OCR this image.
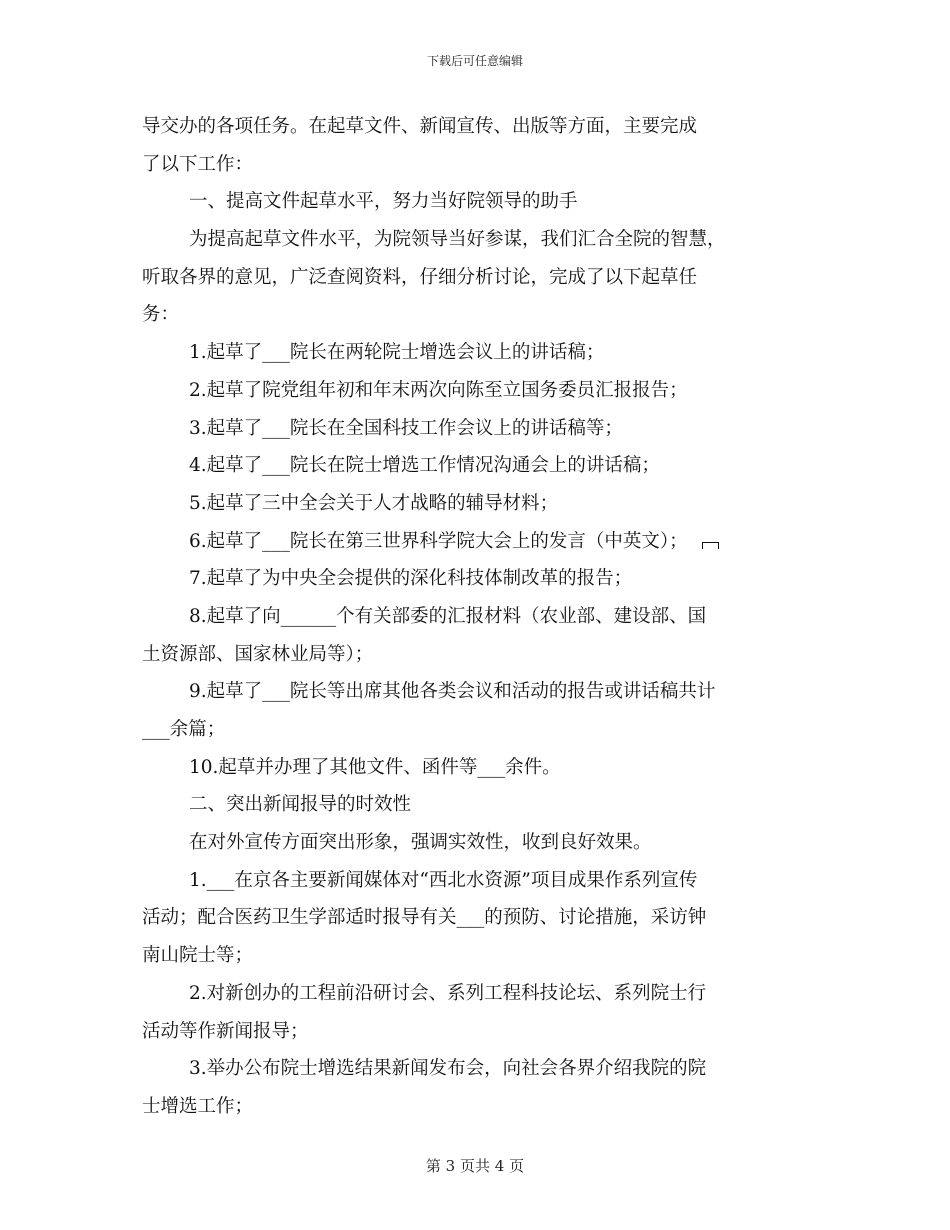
下载后可任意编辑
导交办的各项任务。在起草文件、新闻宣传、出版等方面，主要完成
了以下工作：
一、提高文件起草水平，努力当好院领导的助手
为提高起草文件水平，为院领导当好参谋，我们汇合全院的智慧，
听取各界的意见，广泛查阅资料，仔细分析讨论，完成了以下起草任
务：
1.起草了___院长在两轮院士增选会议上的讲话稿；
2.起草了院党组年初和年末两次向陈至立国务委员汇报报告；
3.起草了___院长在全国科技工作会议上的讲话稿等；
4.起草了___院长在院士增选工作情况沟通会上的讲话稿；
5.起草了三中全会关于人才战略的辅导材料；
6.起草了___院长在第三世界科学院大会上的发言（中英文）；
7.起草了为中央全会提供的深化科技体制改革的报告；
8.起草了向______个有关部委的汇报材料（农业部、建设部、国
土资源部、国家林业局等）；
9.起草了___院长等出席其他各类会议和活动的报告或讲话稿共计
___余篇；
10.起草并办理了其他文件、函件等___余件。
二、突出新闻报导的时效性
在对外宣传方面突出形象，强调实效性，收到良好效果。
1.___在京各主要新闻媒体对“西北水资源”项目成果作系列宣传
活动；配合医药卫生学部适时报导有关___的预防、讨论措施，采访钟
南山院士等；
2.对新创办的工程前沿研讨会、系列工程科技论坛、系列院士行
活动等作新闻报导；
3.举办公布院士增选结果新闻发布会，向社会各界介绍我院的院
士增选工作；
第 3 页共 4 页
